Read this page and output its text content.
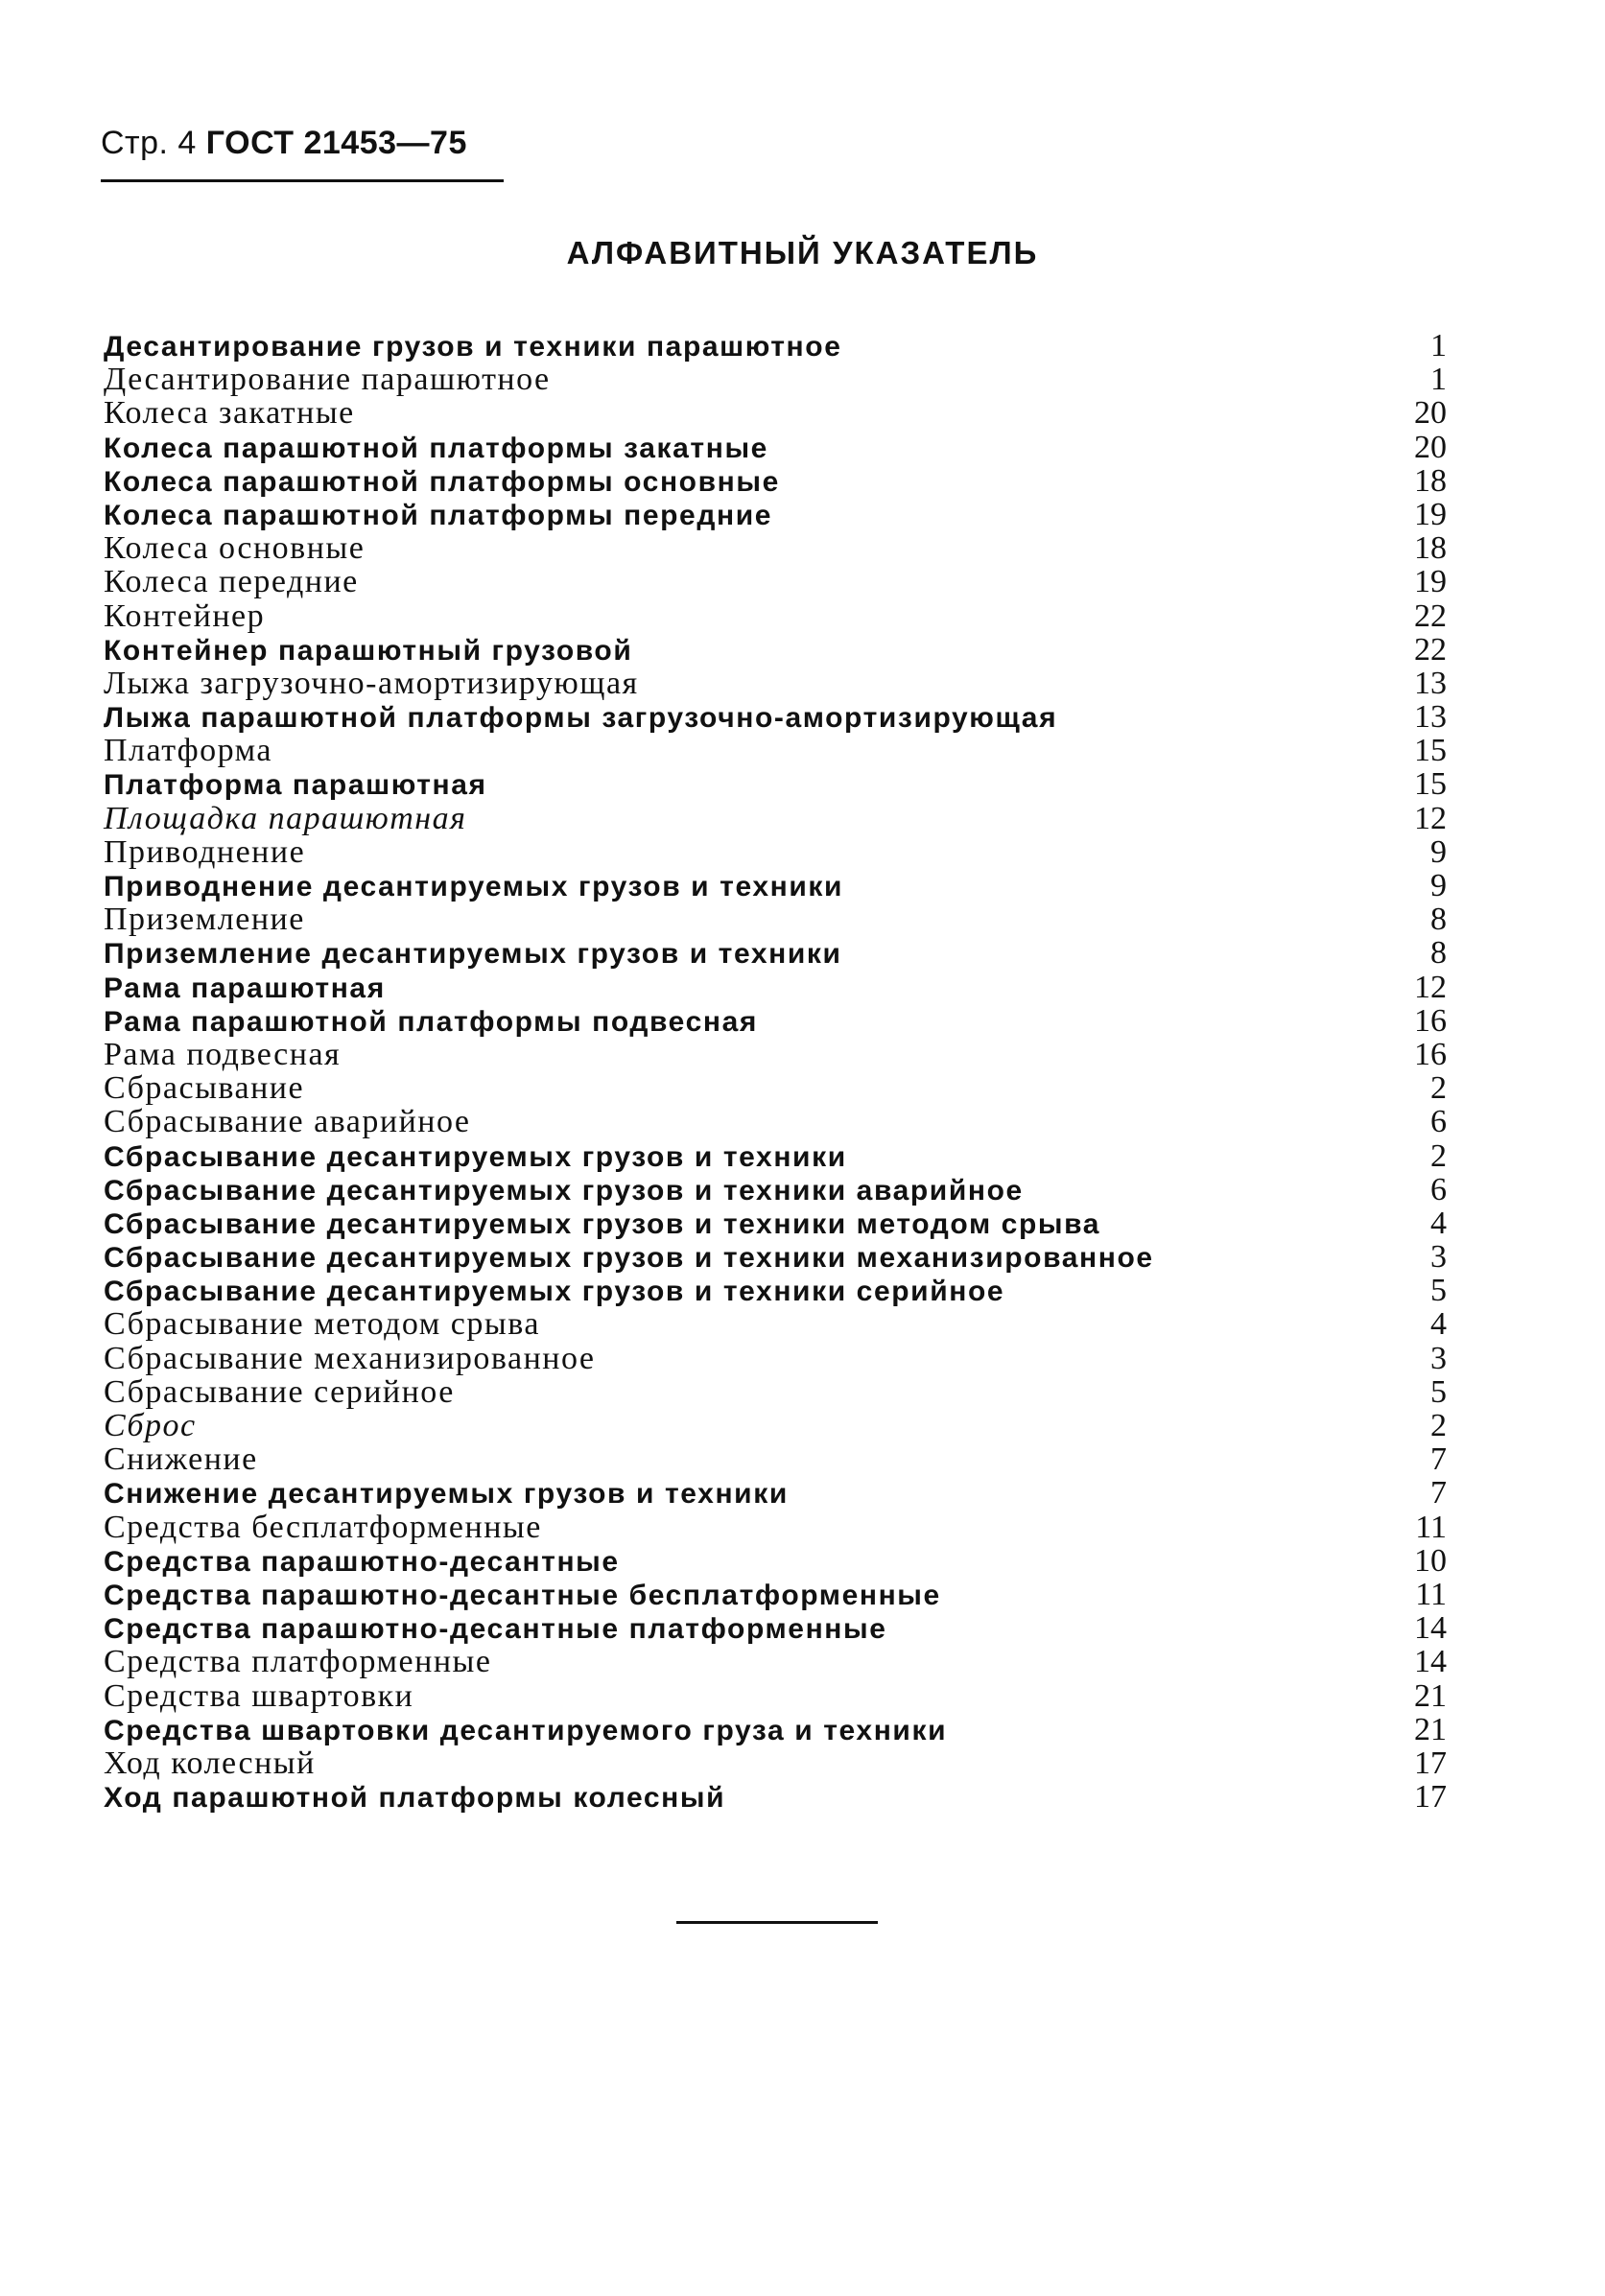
Стр. 4 ГОСТ 21453—75
АЛФАВИТНЫЙ УКАЗАТЕЛЬ
Десантирование грузов и техники парашютное	1
Десантирование парашютное	1
Колеса закатные	20
Колеса парашютной платформы закатные	20
Колеса парашютной платформы основные	18
Колеса парашютной платформы передние	19
Колеса основные	18
Колеса передние	19
Контейнер	22
Контейнер парашютный грузовой	22
Лыжа загрузочно-амортизирующая	13
Лыжа парашютной платформы загрузочно-амортизирующая	13
Платформа	15
Платформа парашютная	15
Площадка парашютная	12
Приводнение	9
Приводнение десантируемых грузов и техники	9
Приземление	8
Приземление десантируемых грузов и техники	8
Рама парашютная	12
Рама парашютной платформы подвесная	16
Рама подвесная	16
Сбрасывание	2
Сбрасывание аварийное	6
Сбрасывание десантируемых грузов и техники	2
Сбрасывание десантируемых грузов и техники аварийное	6
Сбрасывание десантируемых грузов и техники методом срыва	4
Сбрасывание десантируемых грузов и техники механизированное	3
Сбрасывание десантируемых грузов и техники серийное	5
Сбрасывание методом срыва	4
Сбрасывание механизированное	3
Сбрасывание серийное	5
Сброс	2
Снижение	7
Снижение десантируемых грузов и техники	7
Средства бесплатформенные	11
Средства парашютно-десантные	10
Средства парашютно-десантные бесплатформенные	11
Средства парашютно-десантные платформенные	14
Средства платформенные	14
Средства швартовки	21
Средства швартовки десантируемого груза и техники	21
Ход колесный	17
Ход парашютной платформы колесный	17
